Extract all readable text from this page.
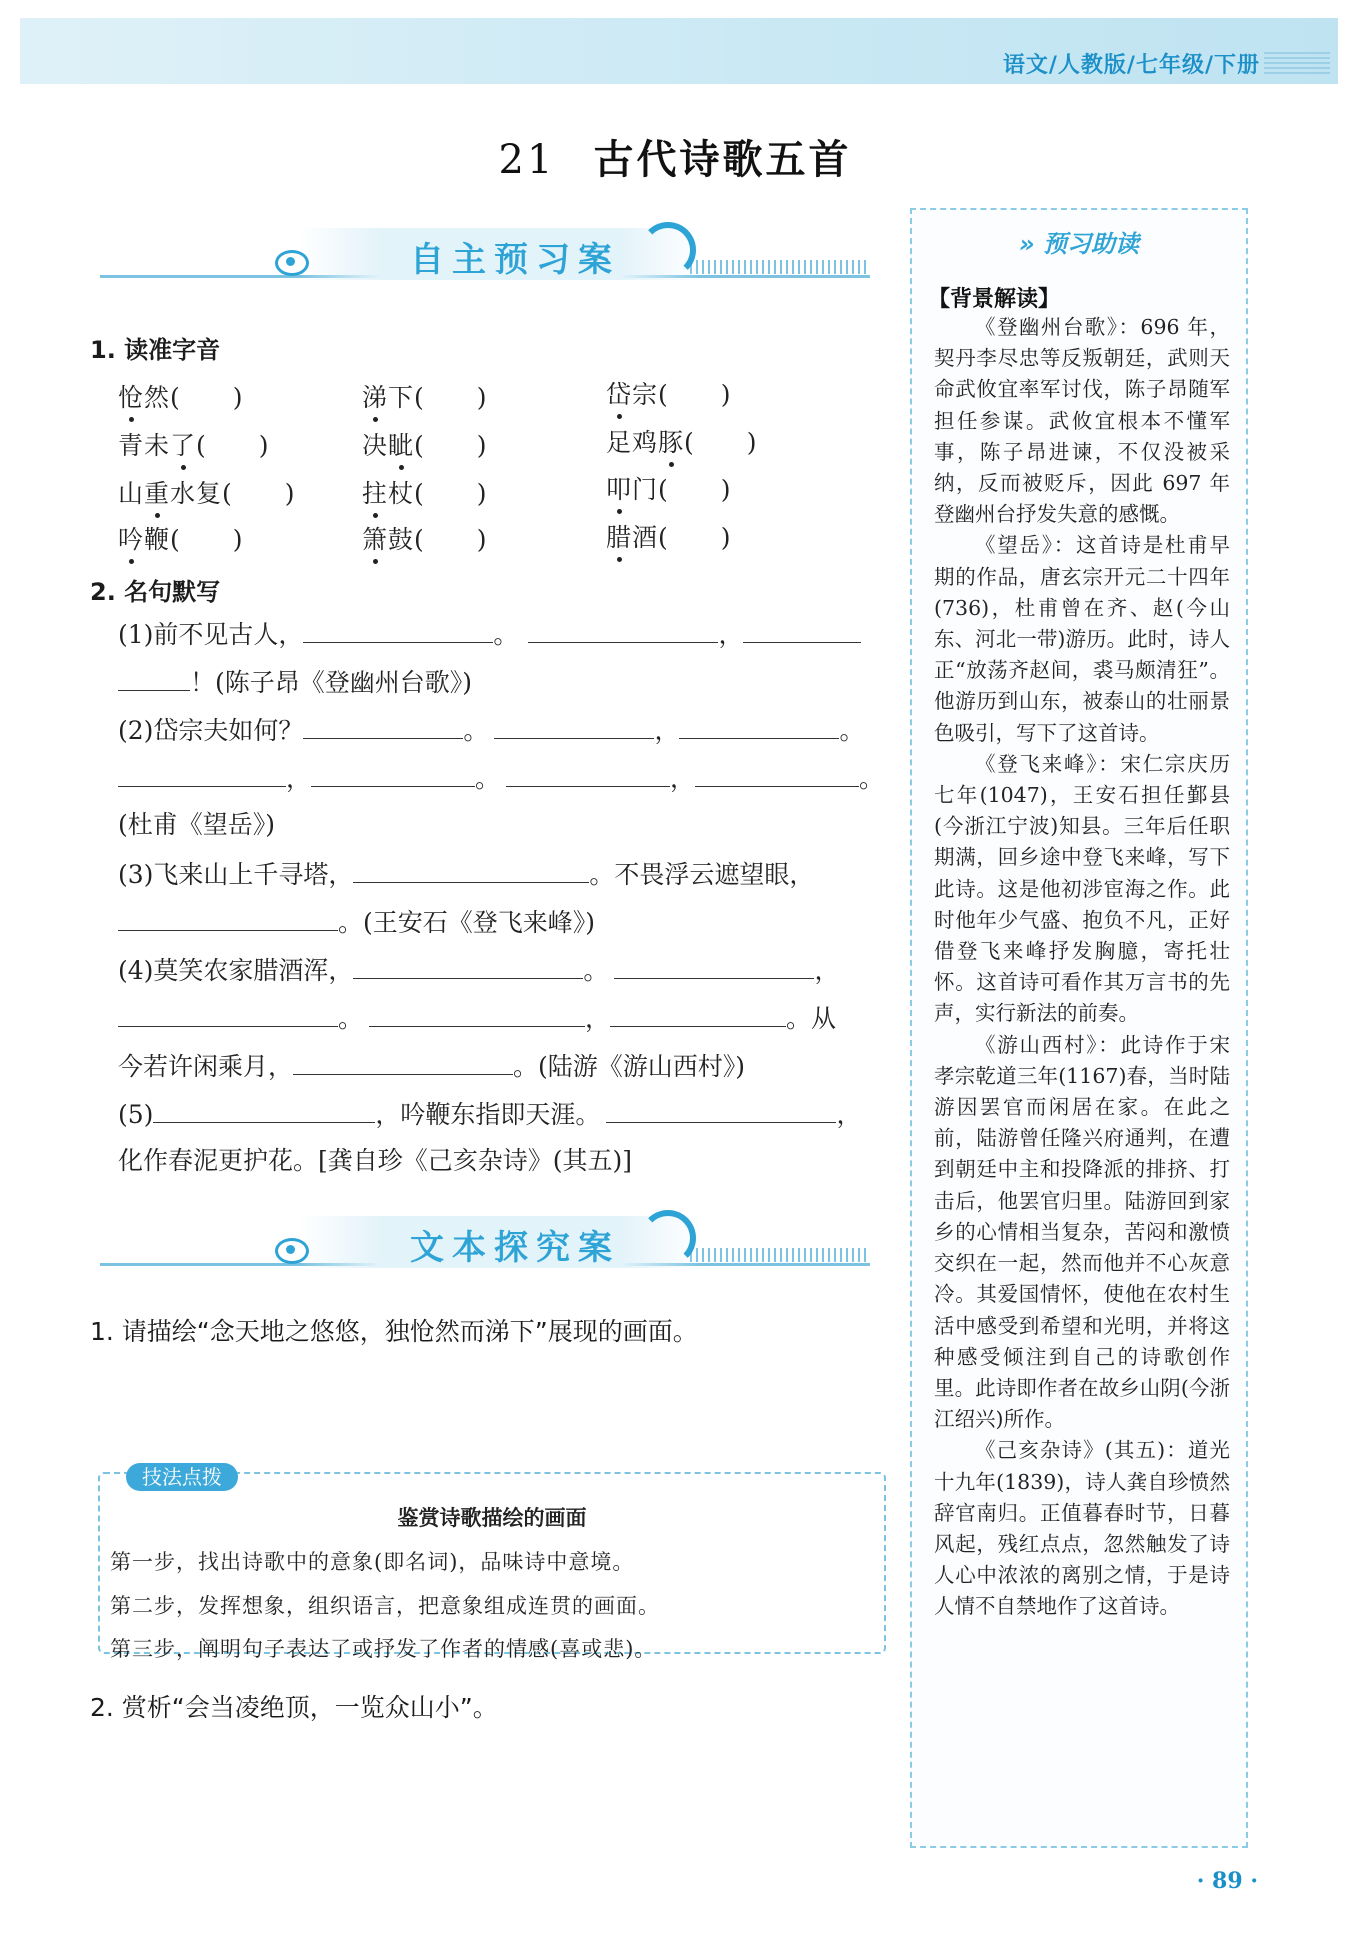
语文/人教版/七年级/下册
21 古代诗歌五首
自主预习案
1. 读准字音
怆然(　　)	涕下(　　)	岱宗(　　)
青未了(　　)	决眦(　　)	足鸡豚(　　)
山重水复(　　)	拄杖(　　)	叩门(　　)
吟鞭(　　)	箫鼓(　　)	腊酒(　　)
2. 名句默写
(1)前不见古人，	。	，
！(陈子昂《登幽州台歌》)
(2)岱宗夫如何？	。	，	。
，	。	，	。
(杜甫《望岳》)
(3)飞来山上千寻塔，	。不畏浮云遮望眼，
。(王安石《登飞来峰》)
(4)莫笑农家腊酒浑，	。	，
。	，	。从
今若许闲乘月，	。(陆游《游山西村》)
(5)	，吟鞭东指即天涯。	，
化作春泥更护花。[龚自珍《己亥杂诗》(其五)]
文本探究案
1. 请描绘“念天地之悠悠，独怆然而涕下”展现的画面。
技法点拨
鉴赏诗歌描绘的画面
第一步，找出诗歌中的意象(即名词)，品味诗中意境。
第二步，发挥想象，组织语言，把意象组成连贯的画面。
第三步，阐明句子表达了或抒发了作者的情感(喜或悲)。
2. 赏析“会当凌绝顶，一览众山小”。
» 预习助读
【背景解读】

《登幽州台歌》：696 年，契丹李尽忠等反叛朝廷，武则天命武攸宜率军讨伐，陈子昂随军担任参谋。武攸宜根本不懂军事，陈子昂进谏，不仅没被采纳，反而被贬斥，因此 697 年登幽州台抒发失意的感慨。

《望岳》：这首诗是杜甫早期的作品，唐玄宗开元二十四年(736)，杜甫曾在齐、赵(今山东、河北一带)游历。此时，诗人正“放荡齐赵间，裘马颇清狂”。他游历到山东，被泰山的壮丽景色吸引，写下了这首诗。

《登飞来峰》：宋仁宗庆历七年(1047)，王安石担任鄞县(今浙江宁波)知县。三年后任职期满，回乡途中登飞来峰，写下此诗。这是他初涉宦海之作。此时他年少气盛、抱负不凡，正好借登飞来峰抒发胸臆，寄托壮怀。这首诗可看作其万言书的先声，实行新法的前奏。

《游山西村》：此诗作于宋孝宗乾道三年(1167)春，当时陆游因罢官而闲居在家。在此之前，陆游曾任隆兴府通判，在遭到朝廷中主和投降派的排挤、打击后，他罢官归里。陆游回到家乡的心情相当复杂，苦闷和激愤交织在一起，然而他并不心灰意冷。其爱国情怀，使他在农村生活中感受到希望和光明，并将这种感受倾注到自己的诗歌创作里。此诗即作者在故乡山阴(今浙江绍兴)所作。

《己亥杂诗》(其五)：道光十九年(1839)，诗人龚自珍愤然辞官南归。正值暮春时节，日暮风起，残红点点，忽然触发了诗人心中浓浓的离别之情，于是诗人情不自禁地作了这首诗。

· 89 ·
